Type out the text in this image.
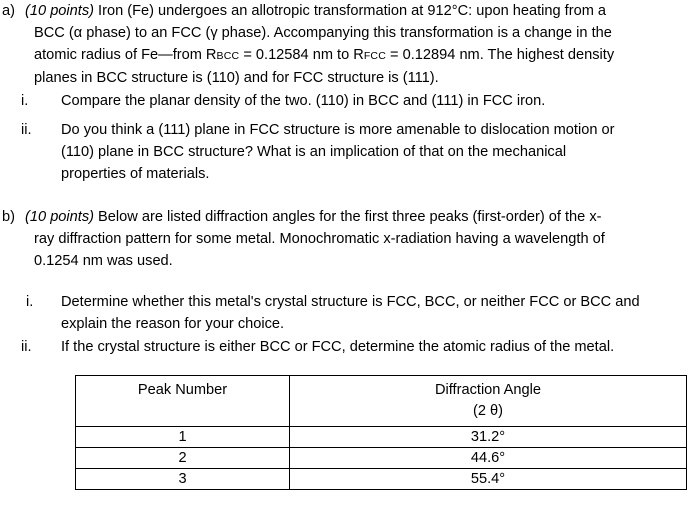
a) (10 points) Iron (Fe) undergoes an allotropic transformation at 912°C: upon heating from a
BCC (α phase) to an FCC (γ phase). Accompanying this transformation is a change in the
atomic radius of Fe—from RBCC = 0.12584 nm to RFCC = 0.12894 nm. The highest density
planes in BCC structure is (110) and for FCC structure is (111).
i. Compare the planar density of the two. (110) in BCC and (111) in FCC iron.
ii. Do you think a (111) plane in FCC structure is more amenable to dislocation motion or
(110) plane in BCC structure? What is an implication of that on the mechanical
properties of materials.
b) (10 points) Below are listed diffraction angles for the first three peaks (first-order) of the x-
ray diffraction pattern for some metal. Monochromatic x-radiation having a wavelength of
0.1254 nm was used.
i. Determine whether this metal's crystal structure is FCC, BCC, or neither FCC or BCC and
explain the reason for your choice.
ii. If the crystal structure is either BCC or FCC, determine the atomic radius of the metal.
Peak Number	Diffraction Angle
(2 θ)

1	31.2°
2	44.6°
3	55.4°
